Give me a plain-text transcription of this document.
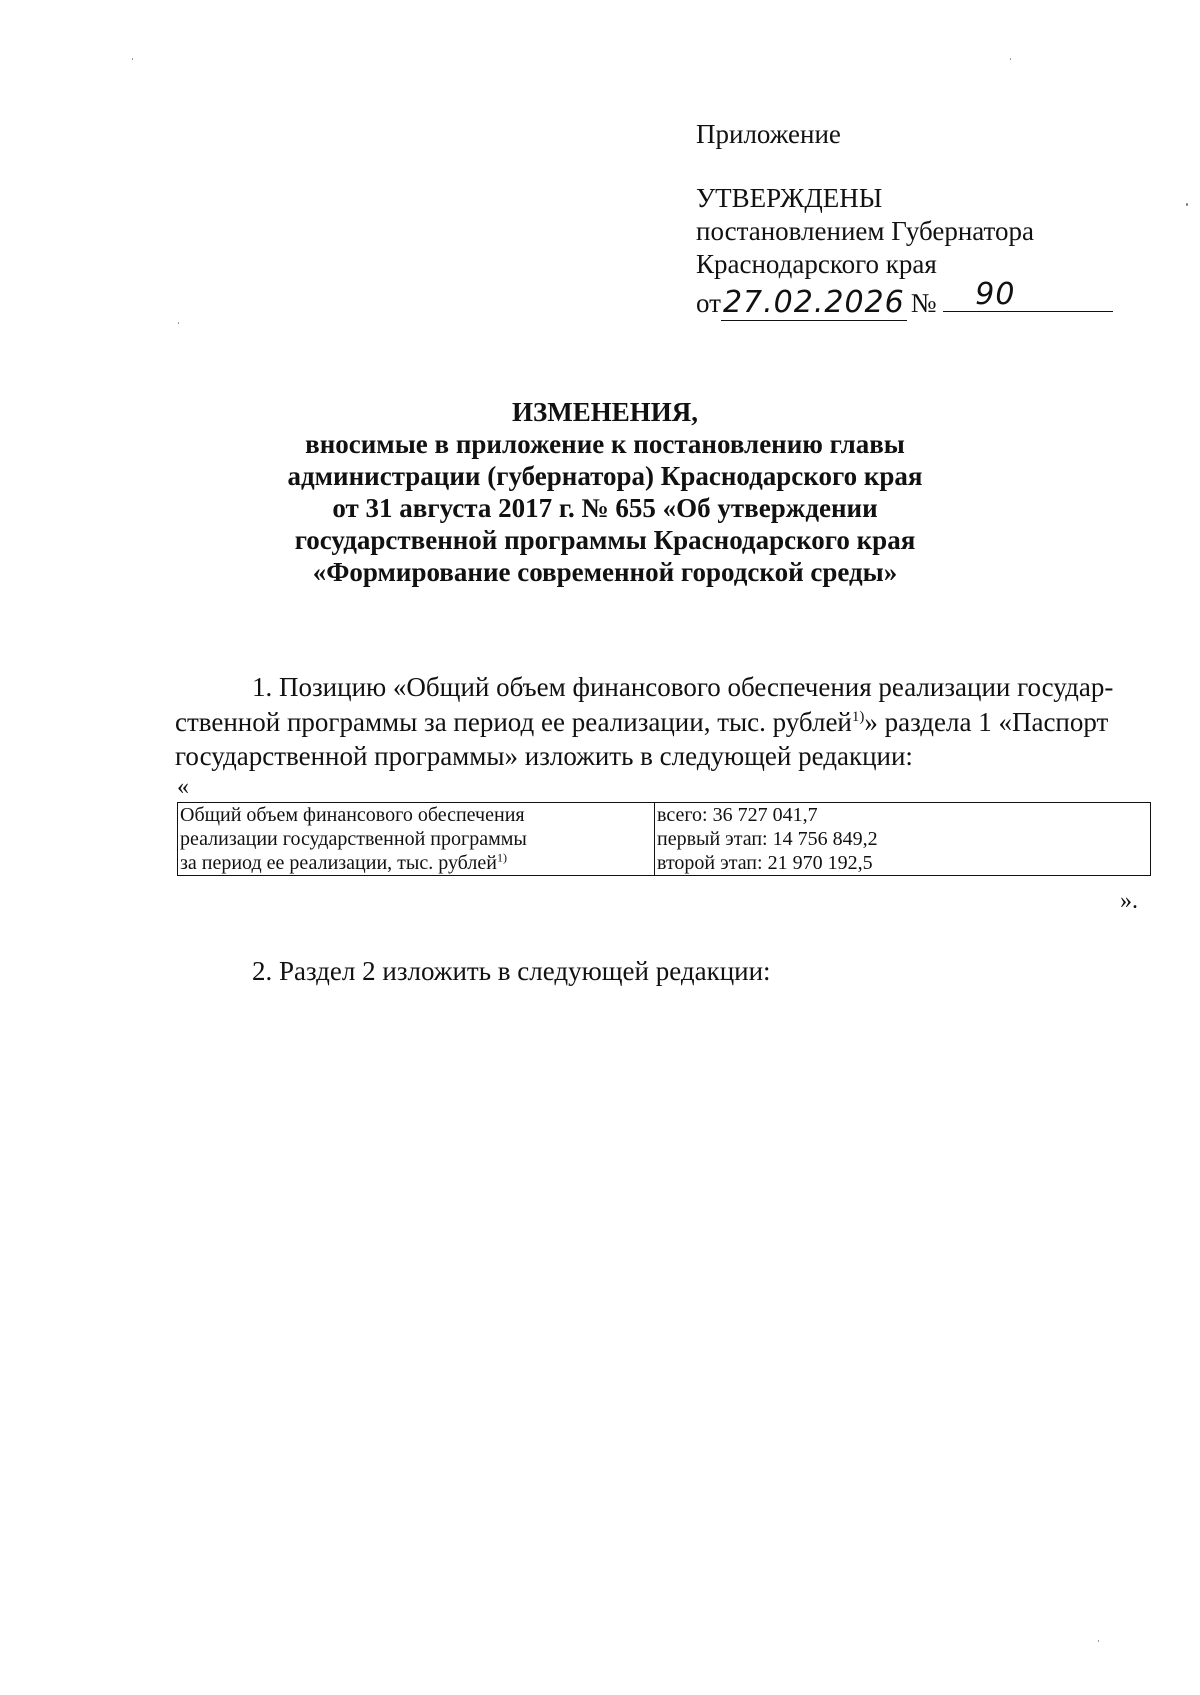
Приложение
УТВЕРЖДЕНЫ
постановлением Губернатора
Краснодарского края
от27.02.2026 № 90
ИЗМЕНЕНИЯ,
вносимые в приложение к постановлению главы
администрации (губернатора) Краснодарского края
от 31 августа 2017 г. № 655 «Об утверждении
государственной программы Краснодарского края
«Формирование современной городской среды»
1. Позицию «Общий объем финансового обеспечения реализации государ-
ственной программы за период ее реализации, тыс. рублей$^{1)}$» раздела 1 «Паспорт
государственной программы» изложить в следующей редакции:
«
Общий объем финансового обеспечения
реализации государственной программы
за период ее реализации, тыс. рублей$^{1)}$

всего: 36 727 041,7
первый этап: 14 756 849,2
второй этап: 21 970 192,5
».
2. Раздел 2 изложить в следующей редакции:
